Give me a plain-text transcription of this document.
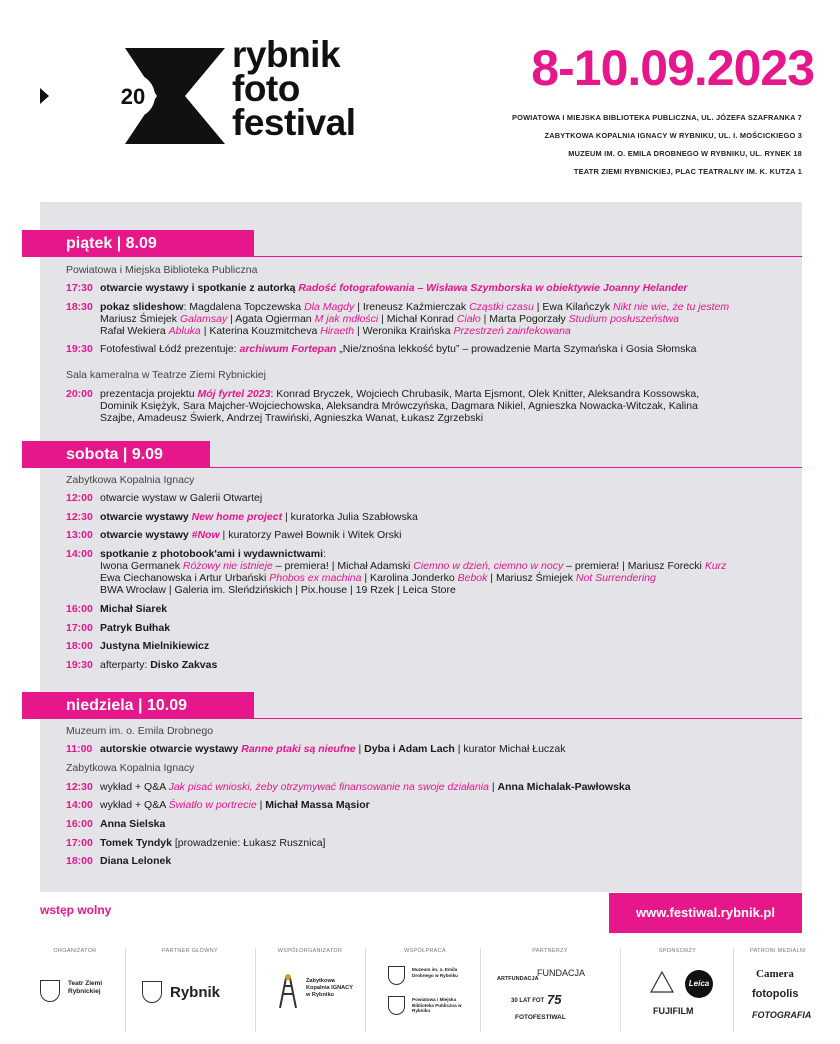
20
rybnik
foto
festival
8-10.09.2023
POWIATOWA I MIEJSKA BIBLIOTEKA PUBLICZNA, UL. JÓZEFA SZAFRANKA 7
ZABYTKOWA KOPALNIA IGNACY W RYBNIKU, UL. I. MOŚCICKIEGO 3
MUZEUM IM. O. EMILA DROBNEGO W RYBNIKU, UL. RYNEK 18
TEATR ZIEMI RYBNICKIEJ, PLAC TEATRALNY IM. K. KUTZA 1
piątek | 8.09
Powiatowa i Miejska Biblioteka Publiczna
17:30 otwarcie wystawy i spotkanie z autorką Radość fotografowania – Wisława Szymborska w obiektywie Joanny Helander
18:30 pokaz slideshow: Magdalena Topczewska Dla Magdy | Ireneusz Kaźmierczak Cząstki czasu | Ewa Kilańczyk Nikt nie wie, że tu jestem
Mariusz Śmiejek Galamsay | Agata Ogierman M jak mdłości | Michał Konrad Ciało | Marta Pogorzały Studium posłuszeństwa
Rafał Wekiera Abluka | Katerina Kouzmitcheva Hiraeth | Weronika Kraińska Przestrzeń zainfekowana
19:30 Fotofestiwal Łódź prezentuje: archiwum Fortepan „Nie/znośna lekkość bytu” – prowadzenie Marta Szymańska i Gosia Słomska
Sala kameralna w Teatrze Ziemi Rybnickiej
20:00 prezentacja projektu Mój fyrtel 2023: Konrad Bryczek, Wojciech Chrubasik, Marta Ejsmont, Olek Knitter, Aleksandra Kossowska,
Dominik Księżyk, Sara Majcher-Wojciechowska, Aleksandra Mrówczyńska, Dagmara Nikiel, Agnieszka Nowacka-Witczak, Kalina
Szajbe, Amadeusz Świerk, Andrzej Trawiński, Agnieszka Wanat, Łukasz Zgrzebski
sobota | 9.09
Zabytkowa Kopalnia Ignacy
12:00 otwarcie wystaw w Galerii Otwartej
12:30 otwarcie wystawy New home project | kuratorka Julia Szabłowska
13:00 otwarcie wystawy #Now | kuratorzy Paweł Bownik i Witek Orski
14:00 spotkanie z photobook'ami i wydawnictwami:
Iwona Germanek Różowy nie istnieje – premiera! | Michał Adamski Ciemno w dzień, ciemno w nocy – premiera! | Mariusz Forecki Kurz
Ewa Ciechanowska i Artur Urbański Phobos ex machina | Karolina Jonderko Bebok | Mariusz Śmiejek Not Surrendering
BWA Wrocław | Galeria im. Sleńdzińskich | Pix.house | 19 Rzek | Leica Store
16:00 Michał Siarek
17:00 Patryk Bułhak
18:00 Justyna Mielnikiewicz
19:30 afterparty: Disko Zakvas
niedziela | 10.09
Muzeum im. o. Emila Drobnego
11:00 autorskie otwarcie wystawy Ranne ptaki są nieufne | Dyba i Adam Lach | kurator Michał Łuczak
Zabytkowa Kopalnia Ignacy
12:30 wykład + Q&A Jak pisać wnioski, żeby otrzymywać finansowanie na swoje działania | Anna Michalak-Pawłowska
14:00 wykład + Q&A Światło w portrecie | Michał Massa Mąsior
16:00 Anna Sielska
17:00 Tomek Tyndyk [prowadzenie: Łukasz Rusznica]
18:00 Diana Lelonek
wstęp wolny	www.festiwal.rybnik.pl
ORGANIZATOR
Teatr Ziemi Rybnickiej
PARTNER GŁÓWNY
Rybnik
WSPÓŁORGANIZATOR
Zabytkowa Kopalnia IGNACY w Rybniku
WSPÓŁPRACA
Muzeum im. o. Emila Drobnego w Rybniku
Powiatowa i Miejska Biblioteka Publiczna w Rybniku
PARTNERZY
ARTFUNDACJA
FUNDACJA
30 LAT FOT 75
FOTOFESTIWAL
SPONSORZY
Leica
FUJIFILM
PATRONI MEDIALNI
Camera
fotopolis
FOTOGRAFIA
